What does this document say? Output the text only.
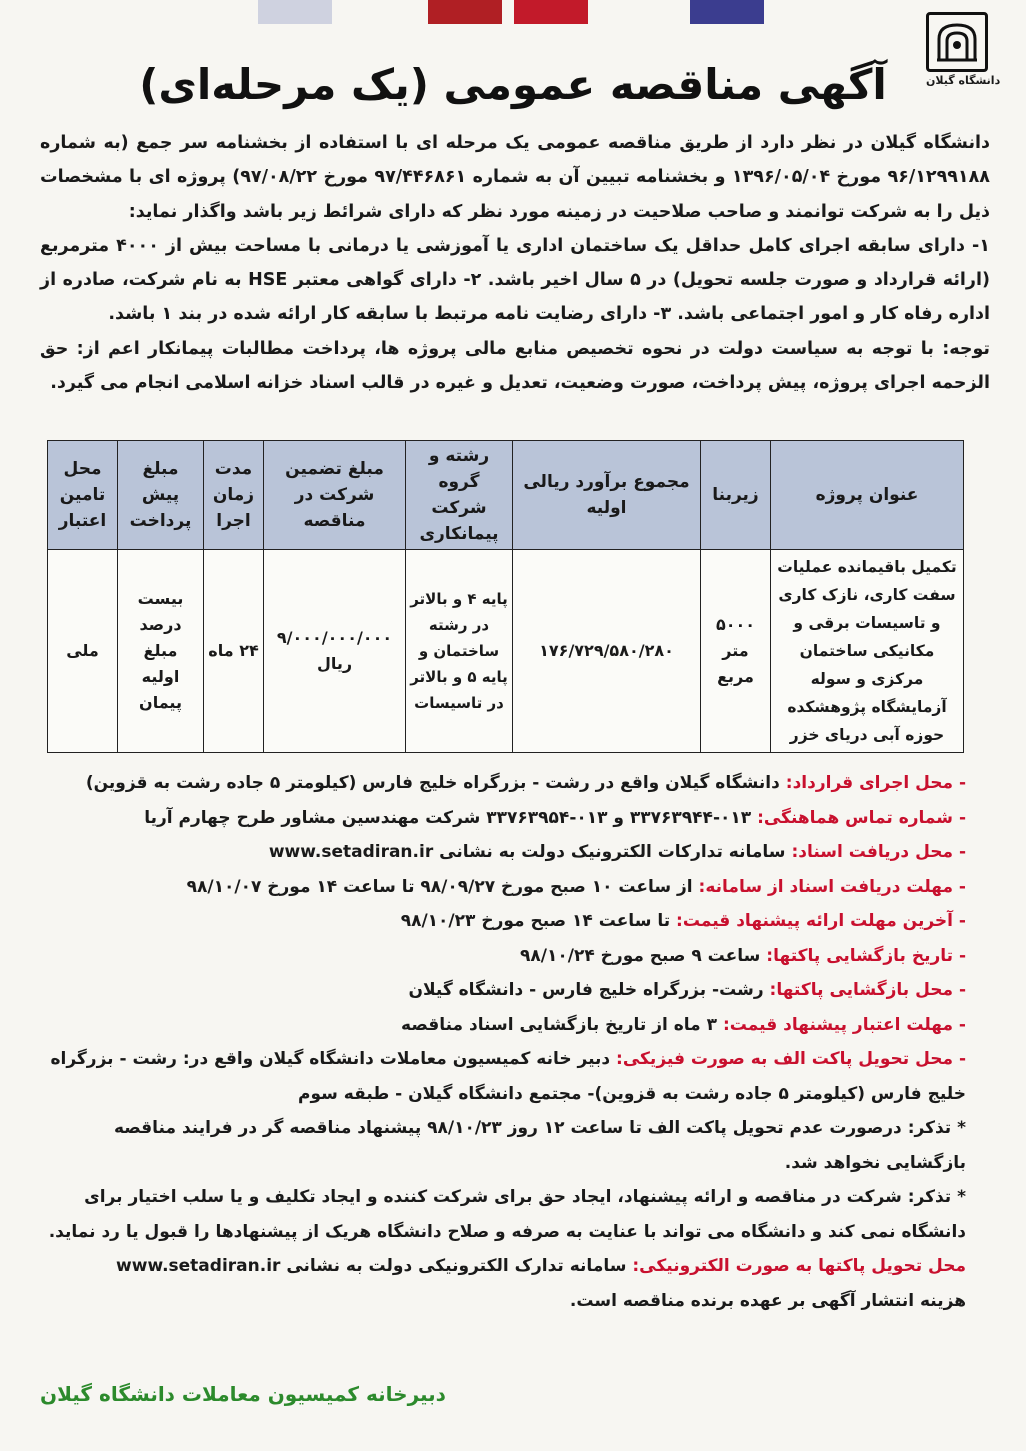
دانشگاه گیلان
آگهی مناقصه عمومی (یک مرحله‌ای)

دانشگاه گیلان در نظر دارد از طریق مناقصه عمومی یک مرحله ای با استفاده از بخشنامه سر جمع (به شماره ۹۶/۱۲۹۹۱۸۸ مورخ ۱۳۹۶/۰۵/۰۴ و بخشنامه تبیین آن به شماره ۹۷/۴۴۶۸۶۱ مورخ ۹۷/۰۸/۲۲) پروژه ای با مشخصات ذیل را به شرکت توانمند و صاحب صلاحیت در زمینه مورد نظر که دارای شرائط زیر باشد واگذار نماید:

۱- دارای سابقه اجرای کامل حداقل یک ساختمان اداری یا آموزشی یا درمانی با مساحت بیش از ۴۰۰۰ مترمربع (ارائه قرارداد و صورت جلسه تحویل) در ۵ سال اخیر باشد. ۲- دارای گواهی معتبر HSE به نام شرکت، صادره از اداره رفاه کار و امور اجتماعی باشد. ۳- دارای رضایت نامه مرتبط با سابقه کار ارائه شده در بند ۱ باشد.

توجه: با توجه به سیاست دولت در نحوه تخصیص منابع مالی پروژه ها، پرداخت مطالبات پیمانکار اعم از: حق الزحمه اجرای پروژه، پیش پرداخت، صورت وضعیت، تعدیل و غیره در قالب اسناد خزانه اسلامی انجام می گیرد.

عنوان پروژه	زیربنا	مجموع برآورد ریالی اولیه	رشته و گروه شرکت پیمانکاری	مبلغ تضمین شرکت در مناقصه	مدت زمان اجرا	مبلغ پیش پرداخت	محل تامین اعتبار
تکمیل باقیمانده عملیات سفت کاری، نازک کاری و تاسیسات برقی و مکانیکی ساختمان مرکزی و سوله آزمایشگاه پژوهشکده حوزه آبی دریای خزر	۵۰۰۰ متر مربع	۱۷۶/۷۲۹/۵۸۰/۲۸۰	پایه ۴ و بالاتر در رشته ساختمان و پایه ۵ و بالاتر در تاسیسات	۹/۰۰۰/۰۰۰/۰۰۰ ریال	۲۴ ماه	بیست درصد مبلغ اولیه پیمان	ملی

- محل اجرای قرارداد: دانشگاه گیلان واقع در رشت - بزرگراه خلیج فارس (کیلومتر ۵ جاده رشت به قزوین)

- شماره تماس هماهنگی: ۰۱۳-۳۳۷۶۳۹۴۴ و ۰۱۳-۳۳۷۶۳۹۵۴ شرکت مهندسین مشاور طرح چهارم آریا

- محل دریافت اسناد: سامانه تدارکات الکترونیک دولت به نشانی www.setadiran.ir

- مهلت دریافت اسناد از سامانه: از ساعت ۱۰ صبح مورخ ۹۸/۰۹/۲۷ تا ساعت ۱۴ مورخ ۹۸/۱۰/۰۷

- آخرین مهلت ارائه پیشنهاد قیمت: تا ساعت ۱۴ صبح مورخ ۹۸/۱۰/۲۳

- تاریخ بازگشایی پاکتها: ساعت ۹ صبح مورخ ۹۸/۱۰/۲۴

- محل بازگشایی پاکتها: رشت- بزرگراه خلیج فارس - دانشگاه گیلان

- مهلت اعتبار پیشنهاد قیمت: ۳ ماه از تاریخ بازگشایی اسناد مناقصه

- محل تحویل پاکت الف به صورت فیزیکی: دبیر خانه کمیسیون معاملات دانشگاه گیلان واقع در: رشت - بزرگراه خلیج فارس (کیلومتر ۵ جاده رشت به قزوین)- مجتمع دانشگاه گیلان - طبقه سوم

* تذکر: درصورت عدم تحویل پاکت الف تا ساعت ۱۲ روز ۹۸/۱۰/۲۳ پیشنهاد مناقصه گر در فرایند مناقصه بازگشایی نخواهد شد.

* تذکر: شرکت در مناقصه و ارائه پیشنهاد، ایجاد حق برای شرکت کننده و ایجاد تکلیف و یا سلب اختیار برای دانشگاه نمی کند و دانشگاه می تواند با عنایت به صرفه و صلاح دانشگاه هریک از پیشنهادها را قبول یا رد نماید.

محل تحویل پاکتها به صورت الکترونیکی: سامانه تدارک الکترونیکی دولت به نشانی www.setadiran.ir

هزینه انتشار آگهی بر عهده برنده مناقصه است.

دبیرخانه کمیسیون معاملات دانشگاه گیلان
